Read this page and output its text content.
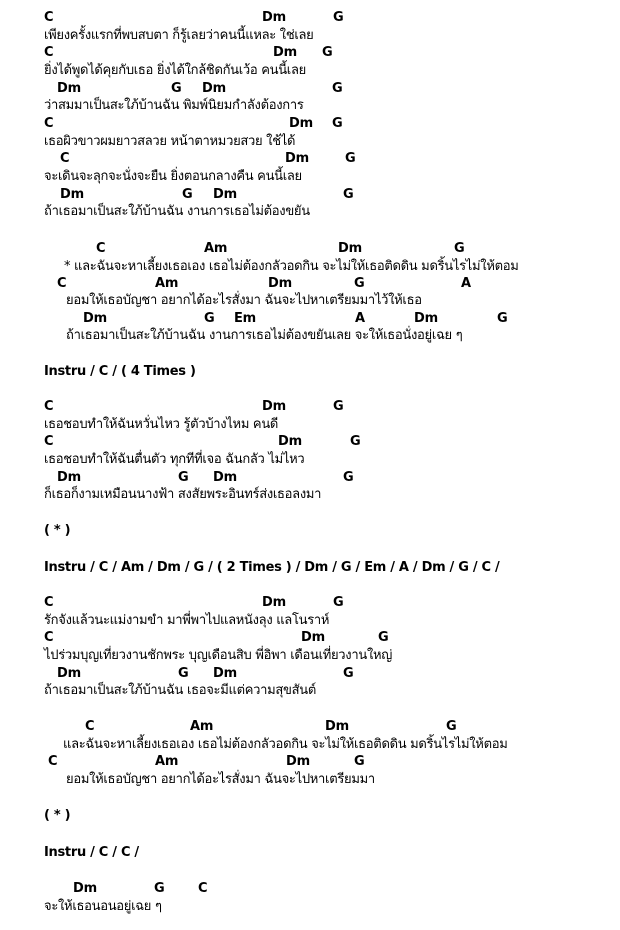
C	Dm	G
เพียงครั้งแรกที่พบสบตา ก็รู้เลยว่าคนนี้แหละ ใช่เลย
C	Dm G
ยิ่งได้พูดได้คุยกับเธอ ยิ่งได้ใกล้ชิดกันเว้อ คนนี้เลย
Dm	G Dm	G
ว่าสมมาเป็นสะใภ้บ้านฉัน พิมพ์นิยมกำลังต้องการ
C	Dm G
เธอผิวขาวผมยาวสลวย หน้าตาหมวยสวย ใช้ได้
C	Dm	G
จะเดินจะลุกจะนั่งจะยืน ยิ่งตอนกลางคืน คนนี้เลย
Dm	G Dm	G
ถ้าเธอมาเป็นสะใภ้บ้านฉัน งานการเธอไม่ต้องขยัน
C	Am	Dm	G
* และฉันจะหาเลี้ยงเธอเอง เธอไม่ต้องกลัวอดกิน จะไม่ให้เธอติดดิน มดริ้นไรไม่ให้ตอม
C	Am	Dm	G	A
ยอมให้เธอบัญชา อยากได้อะไรสั่งมา ฉันจะไปหาเตรียมมาไว้ให้เธอ
Dm	G Em	A	Dm	G
ถ้าเธอมาเป็นสะใภ้บ้านฉัน งานการเธอไม่ต้องขยันเลย จะให้เธอนั่งอยู่เฉย ๆ
Instru / C / ( 4 Times )
C	Dm	G
เธอชอบทำให้ฉันหวั่นไหว รู้ตัวบ้างไหม คนดี
C	Dm	G
เธอชอบทำให้ฉันตื่นตัว ทุกทีที่เจอ ฉันกลัว ไม่ไหว
Dm	G Dm	G
ก็เธอก็งามเหมือนนางฟ้า สงสัยพระอินทร์ส่งเธอลงมา
( * )
Instru / C / Am / Dm / G / ( 2 Times ) / Dm / G / Em / A / Dm / G / C /
C	Dm	G
รักจังแล้วนะแม่งามขำ มาพี่พาไปแลหนังลุง แลโนราห์
C	Dm	G
ไปร่วมบุญเที่ยวงานชักพระ บุญเดือนสิบ พี่อิพา เดือนเที่ยวงานใหญ่
Dm	G Dm	G
ถ้าเธอมาเป็นสะใภ้บ้านฉัน เธอจะมีแต่ความสุขสันต์
C	Am	Dm	G
และฉันจะหาเลี้ยงเธอเอง เธอไม่ต้องกลัวอดกิน จะไม่ให้เธอติดดิน มดริ้นไรไม่ให้ตอม
C	Am	Dm	G
ยอมให้เธอบัญชา อยากได้อะไรสั่งมา ฉันจะไปหาเตรียมมา
( * )
Instru / C / C /
Dm	G	C
จะให้เธอนอนอยู่เฉย ๆ
